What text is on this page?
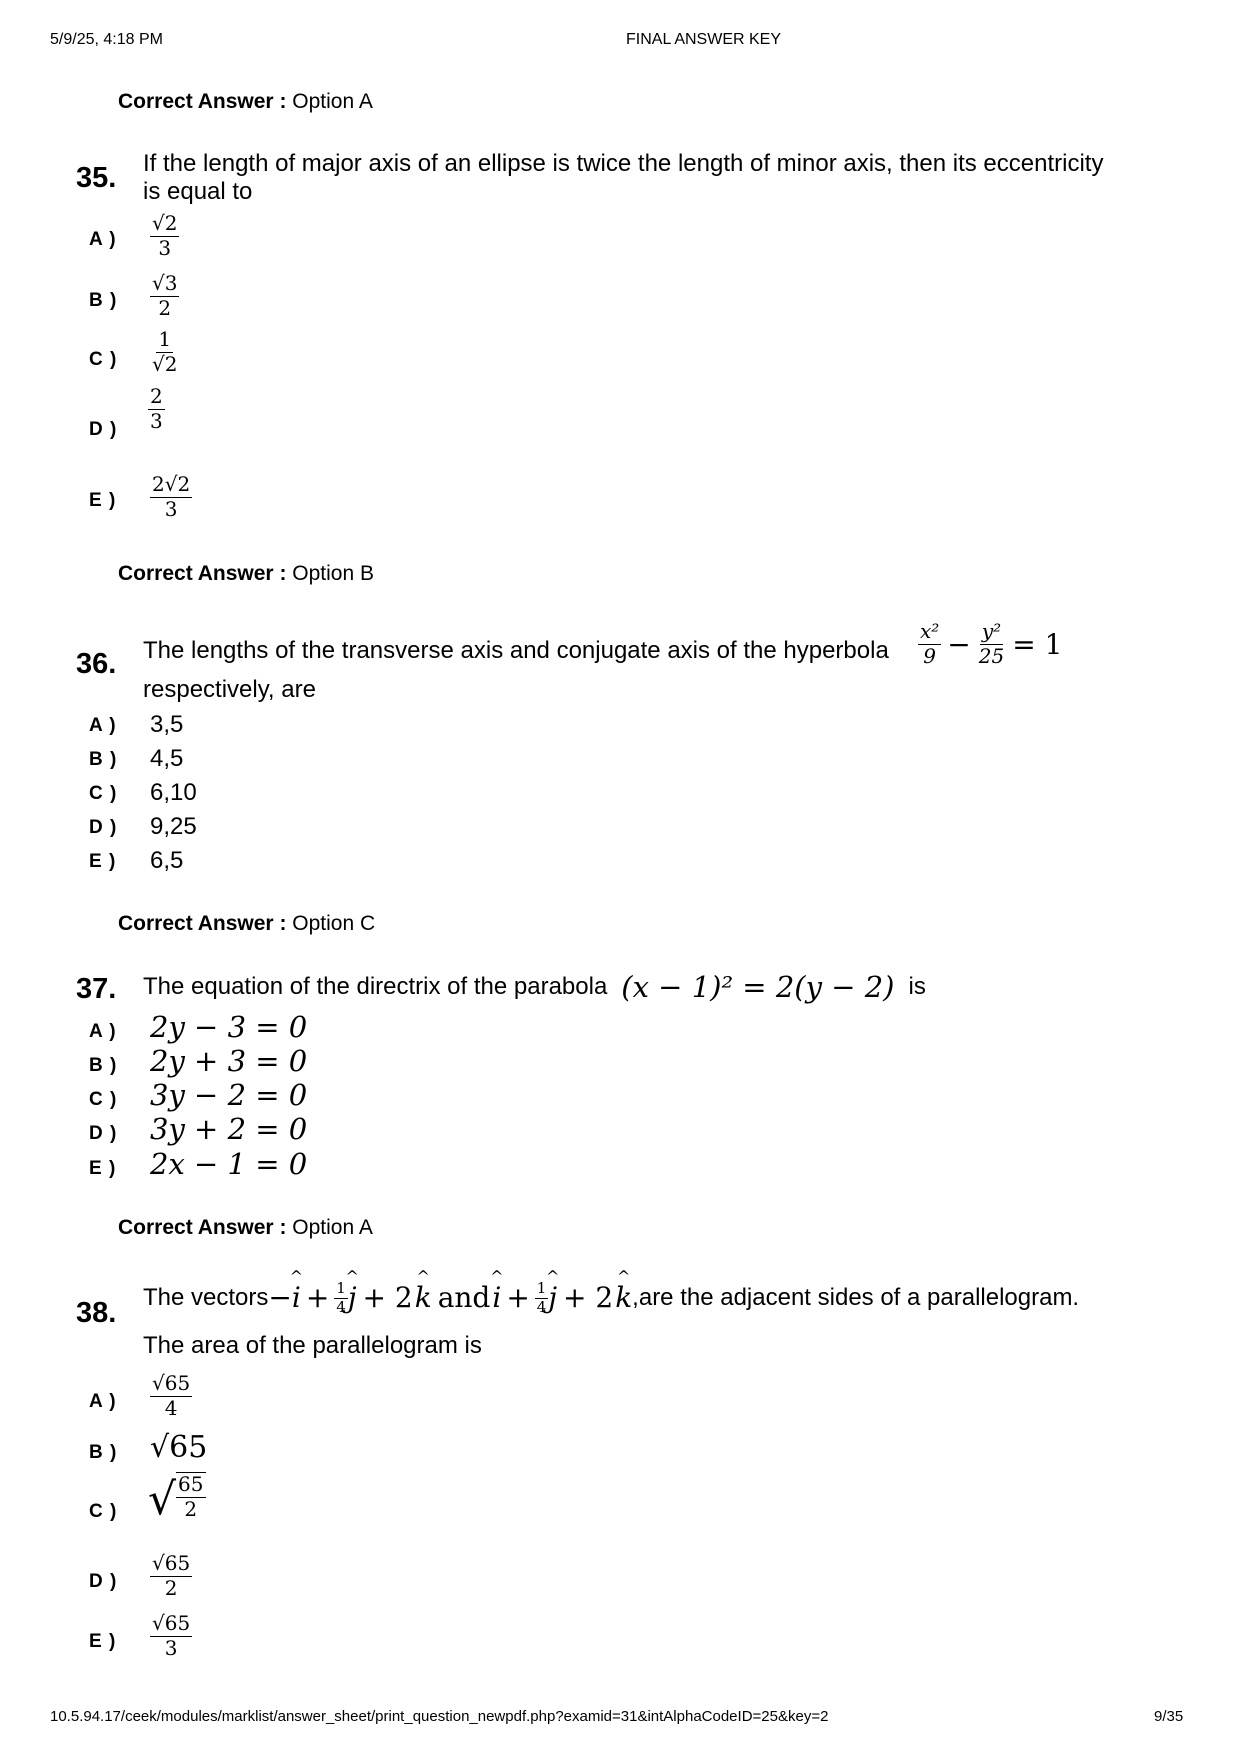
5/9/25, 4:18 PM	FINAL ANSWER KEY
Correct Answer : Option A
35. If the length of major axis of an ellipse is twice the length of minor axis, then its eccentricity
is equal to
A ) $\frac{√2}{3}$
B ) $\frac{√3}{2}$
C ) $\frac{1}{√2}$
D ) $\frac{2}{3}$
E ) $\frac{2√2}{3}$
Correct Answer : Option B
36. The lengths of the transverse axis and conjugate axis of the hyperbola $\frac{\text{x²}}{9} - \frac{\text{y²}}{25} = 1$
respectively, are
A ) 3,5
B ) 4,5
C ) 6,10
D ) 9,25
E ) 6,5
Correct Answer : Option C
37. The equation of the directrix of the parabola (x − 1)² = 2(y − 2) is
A ) 2y − 3 = 0
B ) 2y + 3 = 0
C ) 3y − 2 = 0
D ) 3y + 2 = 0
E ) 2x − 1 = 0
Correct Answer : Option A
38. The vectors − ^ $i + \frac{1}{4}$ ^ j + 2 ^ k and ^ $i + \frac{1}{4}$ ^ j + 2 ^ k ,are the adjacent sides of a parallelogram.
The area of the parallelogram is
A ) $\frac{√65}{4}$
B ) √65
C ) √ $\frac{65}{2}$
D ) $\frac{√65}{2}$
E ) $\frac{√65}{3}$
10.5.94.17/ceek/modules/marklist/answer_sheet/print_question_newpdf.php?examid=31&intAlphaCodeID=25&key=2	9/35
